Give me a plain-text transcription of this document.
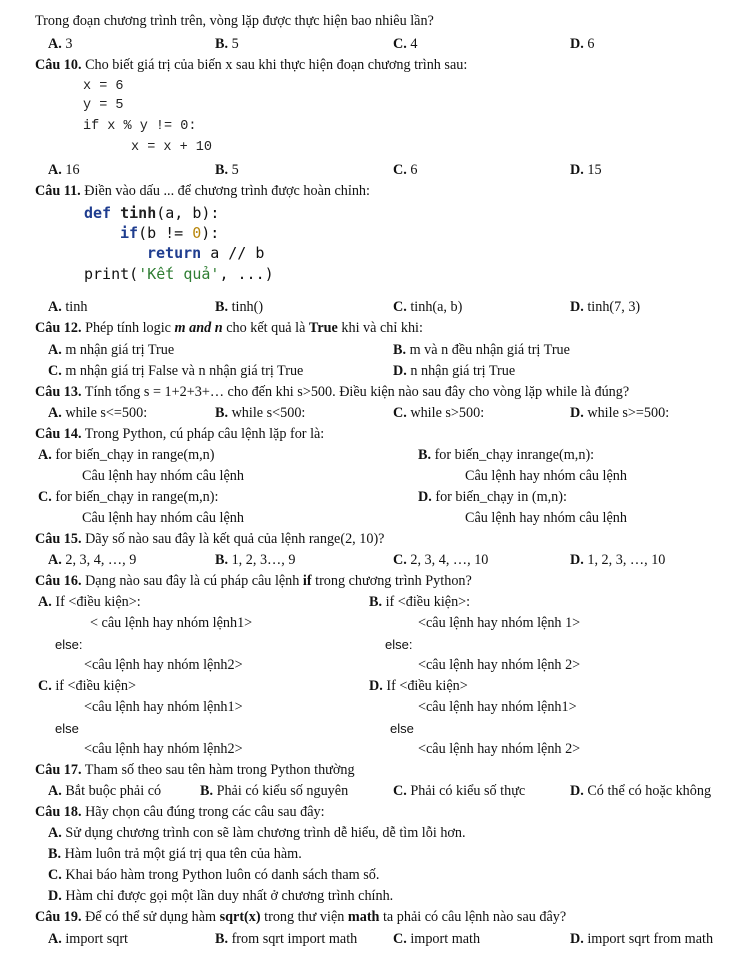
Trong đoạn chương trình trên, vòng lặp được thực hiện bao nhiêu lần?
A. 3	B. 5	C. 4	D. 6
Câu 10. Cho biết giá trị của biến x sau khi thực hiện đoạn chương trình sau:
x = 6
y = 5
if x % y != 0:
x = x + 10
A. 16	B. 5	C. 6	D. 15
Câu 11. Điền vào dấu ... để chương trình được hoàn chỉnh:
def tinh(a, b):
if(b != 0):
return a // b
print('Kết quả', ...)
A. tinh	B. tinh()	C. tinh(a, b)	D. tinh(7, 3)
Câu 12. Phép tính logic m and n cho kết quả là True khi và chỉ khi:
A. m nhận giá trị True	B. m và n đều nhận giá trị True
C. m nhận giá trị False và n nhận giá trị True	D. n nhận giá trị True
Câu 13. Tính tổng s = 1+2+3+… cho đến khi s>500. Điều kiện nào sau đây cho vòng lặp while là đúng?
A. while s<=500:	B. while s<500:	C. while s>500:	D. while s>=500:
Câu 14. Trong Python, cú pháp câu lệnh lặp for là:
A. for biến_chạy in range(m,n)	B. for biến_chạy inrange(m,n):
Câu lệnh hay nhóm câu lệnh	Câu lệnh hay nhóm câu lệnh
C. for biến_chạy in range(m,n):	D. for biến_chạy in (m,n):
Câu lệnh hay nhóm câu lệnh	Câu lệnh hay nhóm câu lệnh
Câu 15. Dãy số nào sau đây là kết quả của lệnh range(2, 10)?
A. 2, 3, 4, …, 9	B. 1, 2, 3…, 9	C. 2, 3, 4, …, 10	D. 1, 2, 3, …, 10
Câu 16. Dạng nào sau đây là cú pháp câu lệnh if trong chương trình Python?
A. If <điều kiện>:	B. if <điều kiện>:
< câu lệnh hay nhóm lệnh1>	<câu lệnh hay nhóm lệnh 1>
else:	else:
<câu lệnh hay nhóm lệnh2>	<câu lệnh hay nhóm lệnh 2>
C. if <điều kiện>	D. If <điều kiện>
<câu lệnh hay nhóm lệnh1>	<câu lệnh hay nhóm lệnh1>
else	else
<câu lệnh hay nhóm lệnh2>	<câu lệnh hay nhóm lệnh 2>
Câu 17. Tham số theo sau tên hàm trong Python thường
A. Bắt buộc phải có	B. Phải có kiểu số nguyên	C. Phải có kiểu số thực	D. Có thể có hoặc không
Câu 18. Hãy chọn câu đúng trong các câu sau đây:
A. Sử dụng chương trình con sẽ làm chương trình dễ hiểu, dễ tìm lỗi hơn.
B. Hàm luôn trả một giá trị qua tên của hàm.
C. Khai báo hàm trong Python luôn có danh sách tham số.
D. Hàm chỉ được gọi một lần duy nhất ở chương trình chính.
Câu 19. Để có thể sử dụng hàm sqrt(x) trong thư viện math ta phải có câu lệnh nào sau đây?
A. import sqrt	B. from sqrt import math	C. import math	D. import sqrt from math
